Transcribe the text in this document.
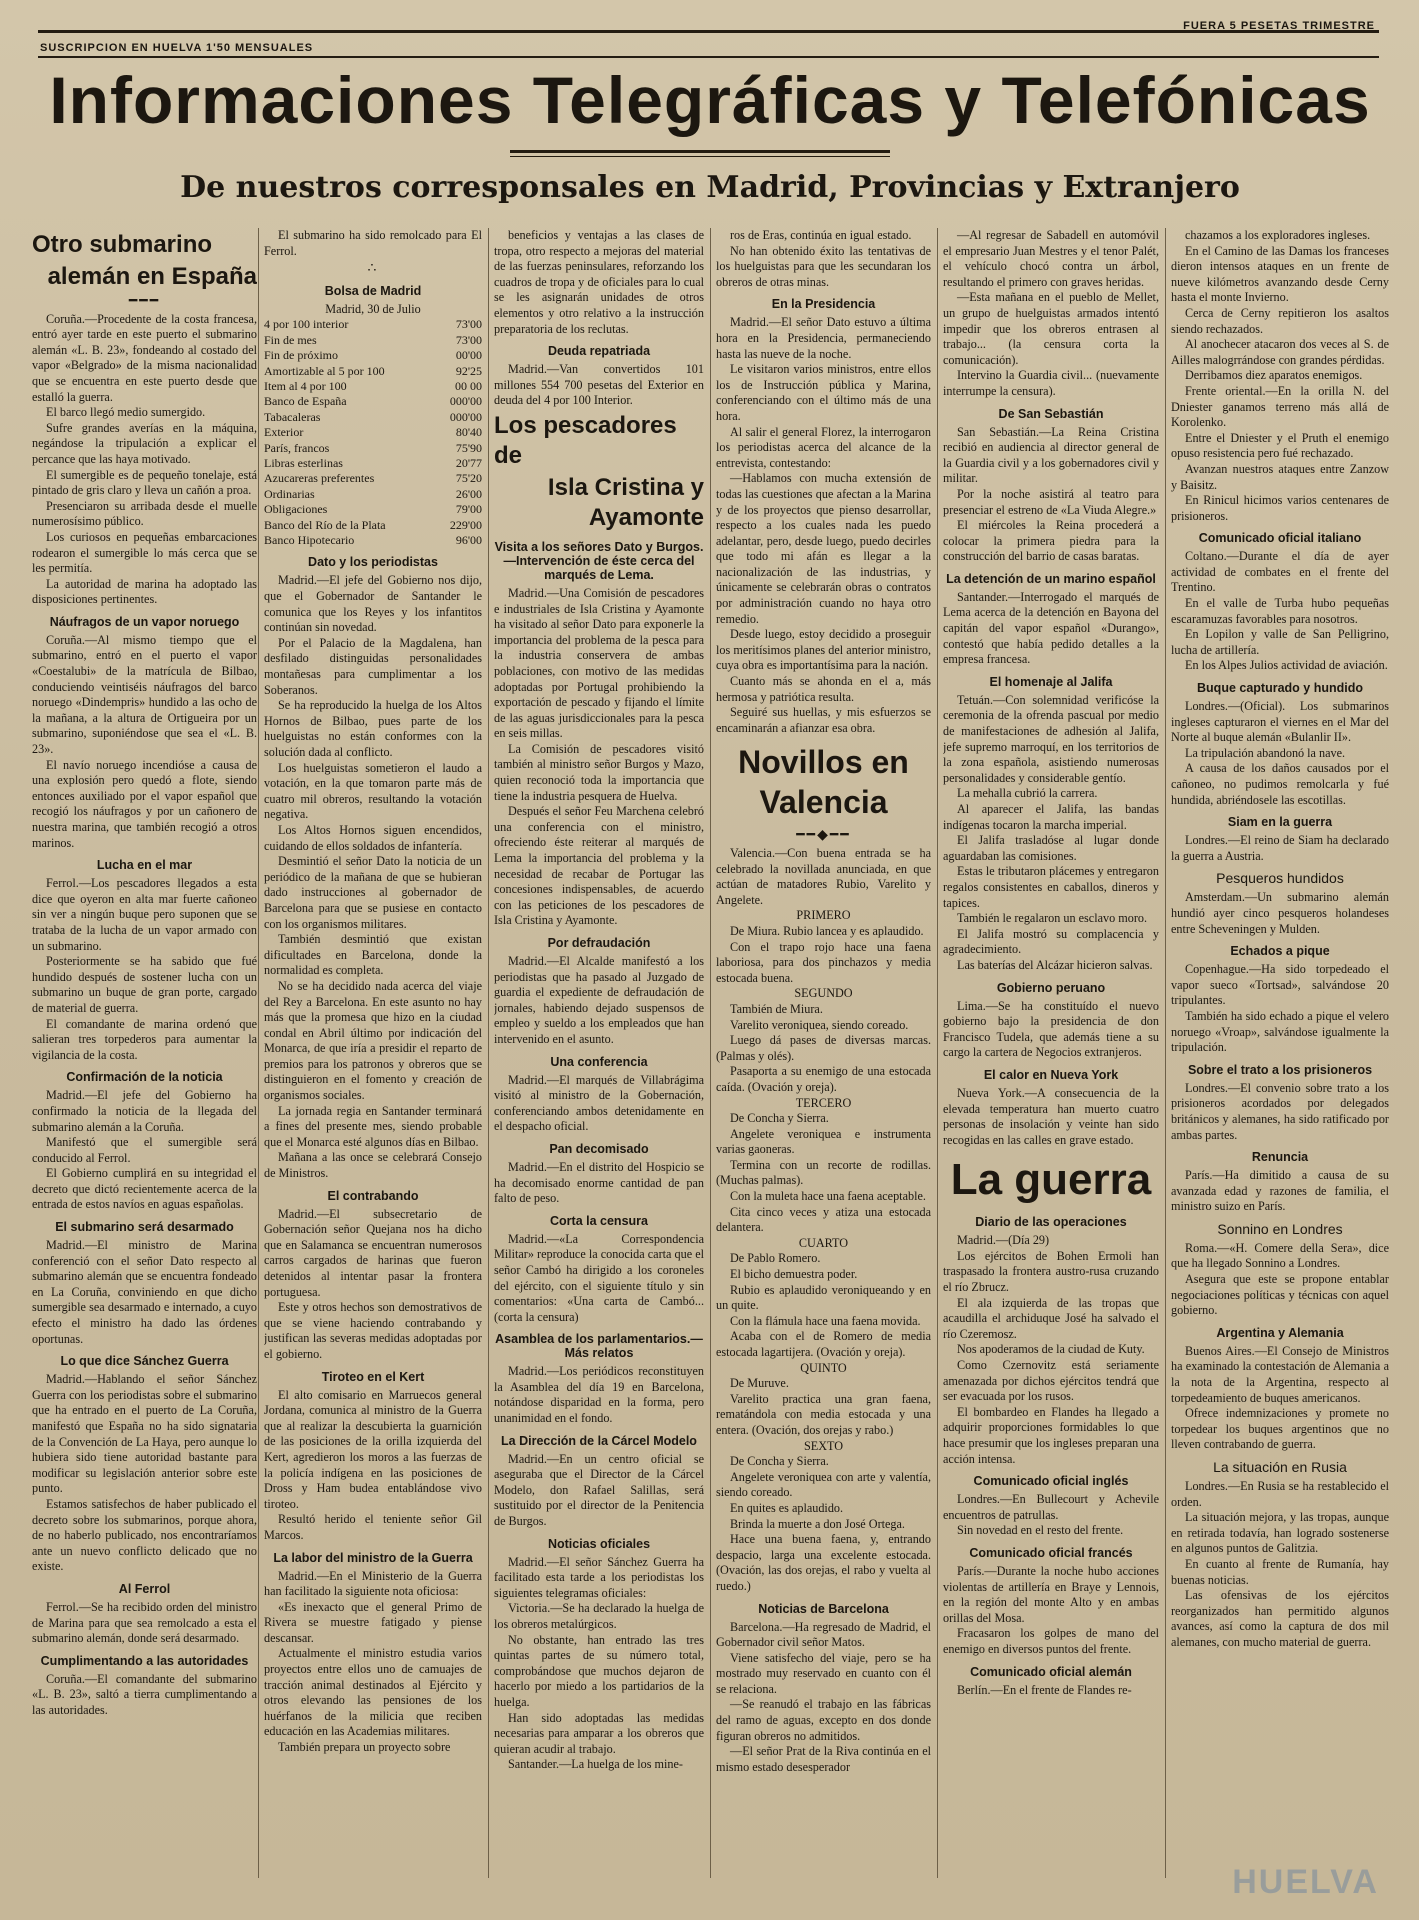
SUSCRIPCION EN HUELVA 1'50 MENSUALES
FUERA 5 PESETAS TRIMESTRE
Informaciones Telegráficas y Telefónicas
De nuestros corresponsales en Madrid, Provincias y Extranjero
Otro submarino
alemán en España
━━━

Coruña.—Procedente de la costa francesa, entró ayer tarde en este puerto el submarino alemán «L. B. 23», fondeando al costado del vapor «Belgrado» de la misma nacionalidad que se encuentra en este puerto desde que estalló la guerra.

El barco llegó medio sumergido.

Sufre grandes averías en la máquina, negándose la tripulación a explicar el percance que las haya motivado.

El sumergible es de pequeño tonelaje, está pintado de gris claro y lleva un cañón a proa.

Presenciaron su arribada desde el muelle numerosísimo público.

Los curiosos en pequeñas embarcaciones rodearon el sumergible lo más cerca que se les permitía.

La autoridad de marina ha adoptado las disposiciones pertinentes.

Náufragos de un vapor noruego

Coruña.—Al mismo tiempo que el submarino, entró en el puerto el vapor «Coestalubi» de la matrícula de Bilbao, conduciendo veintiséis náufragos del barco noruego «Dindempris» hundido a las ocho de la mañana, a la altura de Ortigueira por un submarino, suponiéndose que sea el «L. B. 23».

El navío noruego incendióse a causa de una explosión pero quedó a flote, siendo entonces auxiliado por el vapor español que recogió los náufragos y por un cañonero de nuestra marina, que también recogió a otros marinos.

Lucha en el mar

Ferrol.—Los pescadores llegados a esta dice que oyeron en alta mar fuerte cañoneo sin ver a ningún buque pero suponen que se trataba de la lucha de un vapor armado con un submarino.

Posteriormente se ha sabido que fué hundido después de sostener lucha con un submarino un buque de gran porte, cargado de material de guerra.

El comandante de marina ordenó que salieran tres torpederos para aumentar la vigilancia de la costa.

Confirmación de la noticia

Madrid.—El jefe del Gobierno ha confirmado la noticia de la llegada del submarino alemán a la Coruña.

Manifestó que el sumergible será conducido al Ferrol.

El Gobierno cumplirá en su integridad el decreto que dictó recientemente acerca de la entrada de estos navíos en aguas españolas.

El submarino será desarmado

Madrid.—El ministro de Marina conferenció con el señor Dato respecto al submarino alemán que se encuentra fondeado en La Coruña, conviniendo en que dicho sumergible sea desarmado e internado, a cuyo efecto el ministro ha dado las órdenes oportunas.

Lo que dice Sánchez Guerra

Madrid.—Hablando el señor Sánchez Guerra con los periodistas sobre el submarino que ha entrado en el puerto de La Coruña, manifestó que España no ha sido signataria de la Convención de La Haya, pero aunque lo hubiera sido tiene autoridad bastante para modificar su legislación anterior sobre este punto.

Estamos satisfechos de haber publicado el decreto sobre los submarinos, porque ahora, de no haberlo publicado, nos encontraríamos ante un nuevo conflicto delicado que no existe.

Al Ferrol

Ferrol.—Se ha recibido orden del ministro de Marina para que sea remolcado a esta el submarino alemán, donde será desarmado.

Cumplimentando a las autoridades

Coruña.—El comandante del submarino «L. B. 23», saltó a tierra cumplimentando a las autoridades.

El submarino ha sido remolcado para El Ferrol.

∴
Bolsa de Madrid

Madrid, 30 de Julio

4 por 100 interior	73'00
Fin de mes	73'00
Fin de próximo	00'00
Amortizable al 5 por 100	92'25
Item al 4 por 100	00 00
Banco de España	000'00
Tabacaleras	000'00
Exterior	80'40
París, francos	75'90
Libras esterlinas	20'77
Azucareras preferentes	75'20
Ordinarias	26'00
Obligaciones	79'00
Banco del Río de la Plata	229'00
Banco Hipotecario	96'00
Dato y los periodistas

Madrid.—El jefe del Gobierno nos dijo, que el Gobernador de Santander le comunica que los Reyes y los infantitos continúan sin novedad.

Por el Palacio de la Magdalena, han desfilado distinguidas personalidades montañesas para cumplimentar a los Soberanos.

Se ha reproducido la huelga de los Altos Hornos de Bilbao, pues parte de los huelguistas no están conformes con la solución dada al conflicto.

Los huelguistas sometieron el laudo a votación, en la que tomaron parte más de cuatro mil obreros, resultando la votación negativa.

Los Altos Hornos siguen encendidos, cuidando de ellos soldados de infantería.

Desmintió el señor Dato la noticia de un periódico de la mañana de que se hubieran dado instrucciones al gobernador de Barcelona para que se pusiese en contacto con los organismos militares.

También desmintió que existan dificultades en Barcelona, donde la normalidad es completa.

No se ha decidido nada acerca del viaje del Rey a Barcelona. En este asunto no hay más que la promesa que hizo en la ciudad condal en Abril último por indicación del Monarca, de que iría a presidir el reparto de premios para los patronos y obreros que se distinguieron en el fomento y creación de organismos sociales.

La jornada regia en Santander terminará a fines del presente mes, siendo probable que el Monarca esté algunos días en Bilbao.

Mañana a las once se celebrará Consejo de Ministros.

El contrabando

Madrid.—El subsecretario de Gobernación señor Quejana nos ha dicho que en Salamanca se encuentran numerosos carros cargados de harinas que fueron detenidos al intentar pasar la frontera portuguesa.

Este y otros hechos son demostrativos de que se viene haciendo contrabando y justifican las severas medidas adoptadas por el gobierno.

Tiroteo en el Kert

El alto comisario en Marruecos general Jordana, comunica al ministro de la Guerra que al realizar la descubierta la guarnición de las posiciones de la orilla izquierda del Kert, agredieron los moros a las fuerzas de la policía indígena en las posiciones de Dross y Ham budea entablándose vivo tiroteo.

Resultó herido el teniente señor Gil Marcos.

La labor del ministro de la Guerra

Madrid.—En el Ministerio de la Guerra han facilitado la siguiente nota oficiosa:

«Es inexacto que el general Primo de Rivera se muestre fatigado y piense descansar.

Actualmente el ministro estudia varios proyectos entre ellos uno de camuajes de tracción animal destinados al Ejército y otros elevando las pensiones de los huérfanos de la milicia que reciben educación en las Academias militares.

También prepara un proyecto sobre

beneficios y ventajas a las clases de tropa, otro respecto a mejoras del material de las fuerzas peninsulares, reforzando los cuadros de tropa y de oficiales para lo cual se les asignarán unidades de otros elementos y otro relativo a la instrucción preparatoria de los reclutas.

Deuda repatriada

Madrid.—Van convertidos 101 millones 554 700 pesetas del Exterior en deuda del 4 por 100 Interior.

Los pescadores de
Isla Cristina y Ayamonte
Visita a los señores Dato y Burgos. —Intervención de éste cerca del marqués de Lema.

Madrid.—Una Comisión de pescadores e industriales de Isla Cristina y Ayamonte ha visitado al señor Dato para exponerle la importancia del problema de la pesca para la industria conservera de ambas poblaciones, con motivo de las medidas adoptadas por Portugal prohibiendo la exportación de pescado y fijando el límite de las aguas jurisdiccionales para la pesca en seis millas.

La Comisión de pescadores visitó también al ministro señor Burgos y Mazo, quien reconoció toda la importancia que tiene la industria pesquera de Huelva.

Después el señor Feu Marchena celebró una conferencia con el ministro, ofreciendo éste reiterar al marqués de Lema la importancia del problema y la necesidad de recabar de Portugar las concesiones indispensables, de acuerdo con las peticiones de los pescadores de Isla Cristina y Ayamonte.

Por defraudación

Madrid.—El Alcalde manifestó a los periodistas que ha pasado al Juzgado de guardia el expediente de defraudación de jornales, habiendo dejado suspensos de empleo y sueldo a los empleados que han intervenido en el asunto.

Una conferencia

Madrid.—El marqués de Villabrágima visitó al ministro de la Gobernación, conferenciando ambos detenidamente en el despacho oficial.

Pan decomisado

Madrid.—En el distrito del Hospicio se ha decomisado enorme cantidad de pan falto de peso.

Corta la censura

Madrid.—«La Correspondencia Militar» reproduce la conocida carta que el señor Cambó ha dirigido a los coroneles del ejército, con el siguiente título y sin comentarios: «Una carta de Cambó... (corta la censura)

Asamblea de los parlamentarios.—Más relatos

Madrid.—Los periódicos reconstituyen la Asamblea del día 19 en Barcelona, notándose disparidad en la forma, pero unanimidad en el fondo.

La Dirección de la Cárcel Modelo

Madrid.—En un centro oficial se aseguraba que el Director de la Cárcel Modelo, don Rafael Salillas, será sustituido por el director de la Penitencia de Burgos.

Noticias oficiales

Madrid.—El señor Sánchez Guerra ha facilitado esta tarde a los periodistas los siguientes telegramas oficiales:

Victoria.—Se ha declarado la huelga de los obreros metalúrgicos.

No obstante, han entrado las tres quintas partes de su número total, comprobándose que muchos dejaron de hacerlo por miedo a los partidarios de la huelga.

Han sido adoptadas las medidas necesarias para amparar a los obreros que quieran acudir al trabajo.

Santander.—La huelga de los mine-

ros de Eras, continúa en igual estado.

No han obtenido éxito las tentativas de los huelguistas para que les secundaran los obreros de otras minas.

En la Presidencia

Madrid.—El señor Dato estuvo a última hora en la Presidencia, permaneciendo hasta las nueve de la noche.

Le visitaron varios ministros, entre ellos los de Instrucción pública y Marina, conferenciando con el último más de una hora.

Al salir el general Florez, la interrogaron los periodistas acerca del alcance de la entrevista, contestando:

—Hablamos con mucha extensión de todas las cuestiones que afectan a la Marina y de los proyectos que pienso desarrollar, respecto a los cuales nada les puedo adelantar, pero, desde luego, puedo decirles que todo mi afán es llegar a la nacionalización de las industrias, y únicamente se celebrarán obras o contratos por administración cuando no haya otro remedio.

Desde luego, estoy decidido a proseguir los meritísimos planes del anterior ministro, cuya obra es importantísima para la nación.

Cuanto más se ahonda en el a, más hermosa y patriótica resulta.

Seguiré sus huellas, y mis esfuerzos se encaminarán a afianzar esa obra.

Novillos en Valencia
━━◆━━

Valencia.—Con buena entrada se ha celebrado la novillada anunciada, en que actúan de matadores Rubio, Varelito y Angelete.

PRIMERO

De Miura. Rubio lancea y es aplaudido.

Con el trapo rojo hace una faena laboriosa, para dos pinchazos y media estocada buena.

SEGUNDO

También de Miura.

Varelito veroniquea, siendo coreado.

Luego dá pases de diversas marcas. (Palmas y olés).

Pasaporta a su enemigo de una estocada caída. (Ovación y oreja).

TERCERO

De Concha y Sierra.

Angelete veroniquea e instrumenta varias gaoneras.

Termina con un recorte de rodillas. (Muchas palmas).

Con la muleta hace una faena aceptable.

Cita cinco veces y atiza una estocada delantera.

CUARTO

De Pablo Romero.

El bicho demuestra poder.

Rubio es aplaudido veroniqueando y en un quite.

Con la flámula hace una faena movida.

Acaba con el de Romero de media estocada lagartijera. (Ovación y oreja).

QUINTO

De Muruve.

Varelito practica una gran faena, rematándola con media estocada y una entera. (Ovación, dos orejas y rabo.)

SEXTO

De Concha y Sierra.

Angelete veroniquea con arte y valentía, siendo coreado.

En quites es aplaudido.

Brinda la muerte a don José Ortega.

Hace una buena faena, y, entrando despacio, larga una excelente estocada. (Ovación, las dos orejas, el rabo y vuelta al ruedo.)

Noticias de Barcelona

Barcelona.—Ha regresado de Madrid, el Gobernador civil señor Matos.

Viene satisfecho del viaje, pero se ha mostrado muy reservado en cuanto con él se relaciona.

—Se reanudó el trabajo en las fábricas del ramo de aguas, excepto en dos donde figuran obreros no admitidos.

—El señor Prat de la Riva continúa en el mismo estado desesperador

—Al regresar de Sabadell en automóvil el empresario Juan Mestres y el tenor Palét, el vehículo chocó contra un árbol, resultando el primero con graves heridas.

—Esta mañana en el pueblo de Mellet, un grupo de huelguistas armados intentó impedir que los obreros entrasen al trabajo... (la censura corta la comunicación).

Intervino la Guardia civil... (nuevamente interrumpe la censura).

De San Sebastián

San Sebastián.—La Reina Cristina recibió en audiencia al director general de la Guardia civil y a los gobernadores civil y militar.

Por la noche asistirá al teatro para presenciar el estreno de «La Viuda Alegre.»

El miércoles la Reina procederá a colocar la primera piedra para la construcción del barrio de casas baratas.

La detención de un marino español

Santander.—Interrogado el marqués de Lema acerca de la detención en Bayona del capitán del vapor español «Durango», contestó que había pedido detalles a la empresa francesa.

El homenaje al Jalifa

Tetuán.—Con solemnidad verificóse la ceremonia de la ofrenda pascual por medio de manifestaciones de adhesión al Jalifa, jefe supremo marroquí, en los territorios de la zona española, asistiendo numerosas personalidades y considerable gentío.

La mehalla cubrió la carrera.

Al aparecer el Jalifa, las bandas indígenas tocaron la marcha imperial.

El Jalifa trasladóse al lugar donde aguardaban las comisiones.

Estas le tributaron plácemes y entregaron regalos consistentes en caballos, dineros y tapices.

También le regalaron un esclavo moro.

El Jalifa mostró su complacencia y agradecimiento.

Las baterías del Alcázar hicieron salvas.

Gobierno peruano

Lima.—Se ha constituído el nuevo gobierno bajo la presidencia de don Francisco Tudela, que además tiene a su cargo la cartera de Negocios extranjeros.

El calor en Nueva York

Nueva York.—A consecuencia de la elevada temperatura han muerto cuatro personas de insolación y veinte han sido recogidas en las calles en grave estado.

La guerra
Diario de las operaciones

Madrid.—(Día 29)

Los ejércitos de Bohen Ermoli han traspasado la frontera austro-rusa cruzando el río Zbrucz.

El ala izquierda de las tropas que acaudilla el archiduque José ha salvado el río Czeremosz.

Nos apoderamos de la ciudad de Kuty.

Como Czernovitz está seriamente amenazada por dichos ejércitos tendrá que ser evacuada por los rusos.

El bombardeo en Flandes ha llegado a adquirir proporciones formidables lo que hace presumir que los ingleses preparan una acción intensa.

Comunicado oficial inglés

Londres.—En Bullecourt y Achevile encuentros de patrullas.

Sin novedad en el resto del frente.

Comunicado oficial francés

París.—Durante la noche hubo acciones violentas de artillería en Braye y Lennois, en la región del monte Alto y en ambas orillas del Mosa.

Fracasaron los golpes de mano del enemigo en diversos puntos del frente.

Comunicado oficial alemán

Berlín.—En el frente de Flandes re-

chazamos a los exploradores ingleses.

En el Camino de las Damas los franceses dieron intensos ataques en un frente de nueve kilómetros avanzando desde Cerny hasta el monte Invierno.

Cerca de Cerny repitieron los asaltos siendo rechazados.

Al anochecer atacaron dos veces al S. de Ailles malogrrándose con grandes pérdidas.

Derribamos diez aparatos enemigos.

Frente oriental.—En la orilla N. del Dniester ganamos terreno más allá de Korolenko.

Entre el Dniester y el Pruth el enemigo opuso resistencia pero fué rechazado.

Avanzan nuestros ataques entre Zanzow y Baisitz.

En Rinicul hicimos varios centenares de prisioneros.

Comunicado oficial italiano

Coltano.—Durante el día de ayer actividad de combates en el frente del Trentino.

En el valle de Turba hubo pequeñas escaramuzas favorables para nosotros.

En Lopilon y valle de San Pelligrino, lucha de artillería.

En los Alpes Julios actividad de aviación.

Buque capturado y hundido

Londres.—(Oficial). Los submarinos ingleses capturaron el viernes en el Mar del Norte al buque alemán «Bulanlir II».

La tripulación abandonó la nave.

A causa de los daños causados por el cañoneo, no pudimos remolcarla y fué hundida, abriéndosele las escotillas.

Siam en la guerra

Londres.—El reino de Siam ha declarado la guerra a Austria.

Pesqueros hundidos

Amsterdam.—Un submarino alemán hundió ayer cinco pesqueros holandeses entre Scheveningen y Mulden.

Echados a pique

Copenhague.—Ha sido torpedeado el vapor sueco «Tortsad», salvándose 20 tripulantes.

También ha sido echado a pique el velero noruego «Vroap», salvándose igualmente la tripulación.

Sobre el trato a los prisioneros

Londres.—El convenio sobre trato a los prisioneros acordados por delegados británicos y alemanes, ha sido ratificado por ambas partes.

Renuncia

París.—Ha dimitido a causa de su avanzada edad y razones de familia, el ministro suizo en París.

Sonnino en Londres

Roma.—«H. Comere della Sera», dice que ha llegado Sonnino a Londres.

Asegura que este se propone entablar negociaciones políticas y técnicas con aquel gobierno.

Argentina y Alemania

Buenos Aires.—El Consejo de Ministros ha examinado la contestación de Alemania a la nota de la Argentina, respecto al torpedeamiento de buques americanos.

Ofrece indemnizaciones y promete no torpedear los buques argentinos que no lleven contrabando de guerra.

La situación en Rusia

Londres.—En Rusia se ha restablecido el orden.

La situación mejora, y las tropas, aunque en retirada todavía, han logrado sostenerse en algunos puntos de Galitzia.

En cuanto al frente de Rumanía, hay buenas noticias.

Las ofensivas de los ejércitos reorganizados han permitido algunos avances, así como la captura de dos mil alemanes, con mucho material de guerra.

HUELVA
